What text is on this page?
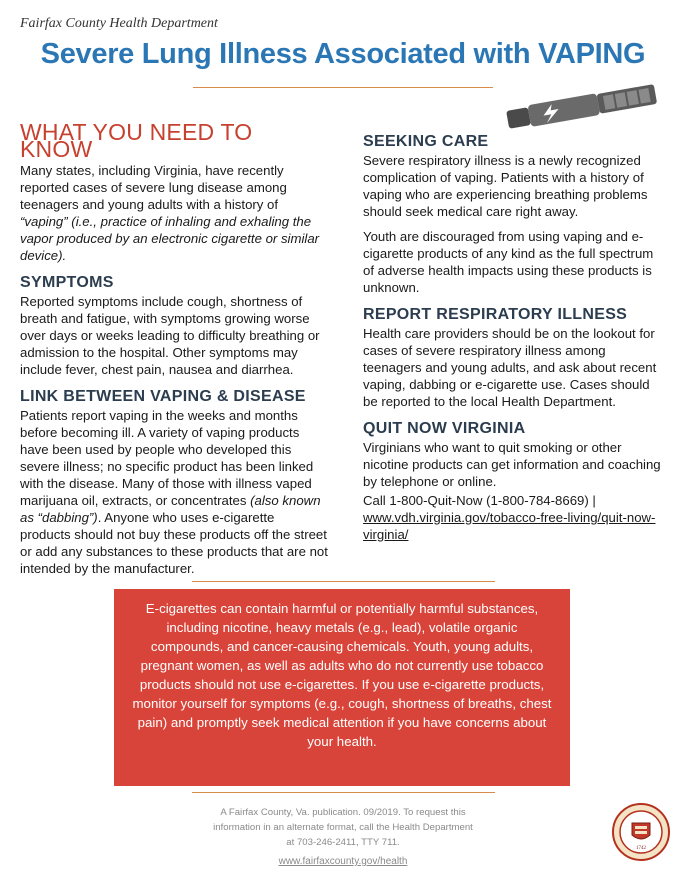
Fairfax County Health Department
Severe Lung Illness Associated with VAPING
WHAT YOU NEED TO KNOW

Many states, including Virginia, have recently reported cases of severe lung disease among teenagers and young adults with a history of “vaping” (i.e., practice of inhaling and exhaling the vapor produced by an electronic cigarette or similar device).

SYMPTOMS

Reported symptoms include cough, shortness of breath and fatigue, with symptoms growing worse over days or weeks leading to difficulty breathing or admission to the hospital. Other symptoms may include fever, chest pain, nausea and diarrhea.

LINK BETWEEN VAPING & DISEASE

Patients report vaping in the weeks and months before becoming ill. A variety of vaping products have been used by people who developed this severe illness; no specific product has been linked with the disease. Many of those with illness vaped marijuana oil, extracts, or concentrates (also known as “dabbing”). Anyone who uses e-cigarette products should not buy these products off the street or add any substances to these products that are not intended by the manufacturer.

SEEKING CARE

Severe respiratory illness is a newly recognized complication of vaping. Patients with a history of vaping who are experiencing breathing problems should seek medical care right away.

Youth are discouraged from using vaping and e-cigarette products of any kind as the full spectrum of adverse health impacts using these products is unknown.

REPORT RESPIRATORY ILLNESS

Health care providers should be on the lookout for cases of severe respiratory illness among teenagers and young adults, and ask about recent vaping, dabbing or e-cigarette use. Cases should be reported to the local Health Department.

QUIT NOW VIRGINIA

Virginians who want to quit smoking or other nicotine products can get information and coaching by telephone or online.

Call 1-800-Quit-Now (1-800-784-8669) | www.vdh.virginia.gov/tobacco-free-living/quit-now-virginia/

E-cigarettes can contain harmful or potentially harmful substances, including nicotine, heavy metals (e.g., lead), volatile organic compounds, and cancer-causing chemicals. Youth, young adults, pregnant women, as well as adults who do not currently use tobacco products should not use e-cigarettes. If you use e-cigarette products, monitor yourself for symptoms (e.g., cough, shortness of breaths, chest pain) and promptly seek medical attention if you have concerns about your health.
A Fairfax County, Va. publication. 09/2019. To request this information in an alternate format, call the Health Department at 703-246-2411, TTY 711.
www.fairfaxcounty.gov/health
1742
